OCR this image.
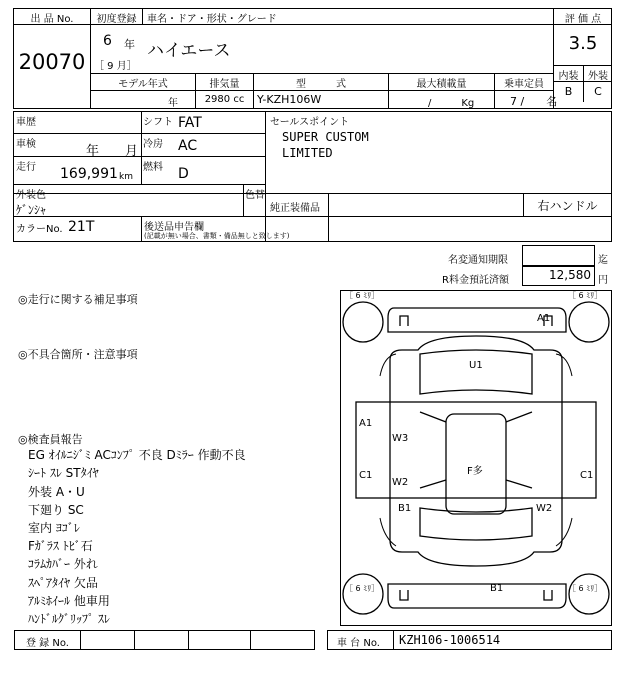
出 品 No.
20070
初度登録
6 年
［ 9 月］
車名・ドア・形状・グレード
ハイエース
評 価 点
3.5
内装 外装
B	C
モデル年式
年
排気量
2980 cc
型　　　式
Y-KZH106W
最大積載量
/　　　Kg
乗車定員
7 /　　名
車歴	シフト FAT
車検	年　　月 冷房 AC
走行 169,991 km
燃料 D
外装色
ｹﾞﾝｼｬ
色替
カラーNo. 21T	後送品申告欄
(記載が無い場合、書類・備品無しと致します)
セールスポイント
SUPER CUSTOM
LIMITED
純正装備品	右ハンドル
名変通知期限	迄
R料金預託済額	12,580 円
◎走行に関する補足事項
◎不具合箇所・注意事項
◎検査員報告
EG ｵｲﾙﾆｼﾞﾐ ACｺﾝﾌﾟ 不良 Dﾐﾗｰ 作動不良
ｼｰﾄ ｽﾚ STﾀｲﾔ
外装 A・U
下廻り SC
室内 ﾖｺﾞﾚ
Fｶﾞﾗｽ ﾄﾋﾞ石
ｺﾗﾑｶﾊﾞｰ 外れ
ｽﾍﾟｱﾀｲﾔ 欠品
ｱﾙﾐﾎｲｰﾙ 他車用
ﾊﾝﾄﾞﾙｸﾞﾘｯﾌﾟ ｽﾚ
［ 6 ﾐﾘ］	［ 6 ﾐﾘ］
［ 6 ﾐﾘ］	［ 6 ﾐﾘ］
A1
U1
A1
W3
F多
C1	C1
W2
B1	W2
B1
登 録 No.	車 台 No. KZH106-1006514
